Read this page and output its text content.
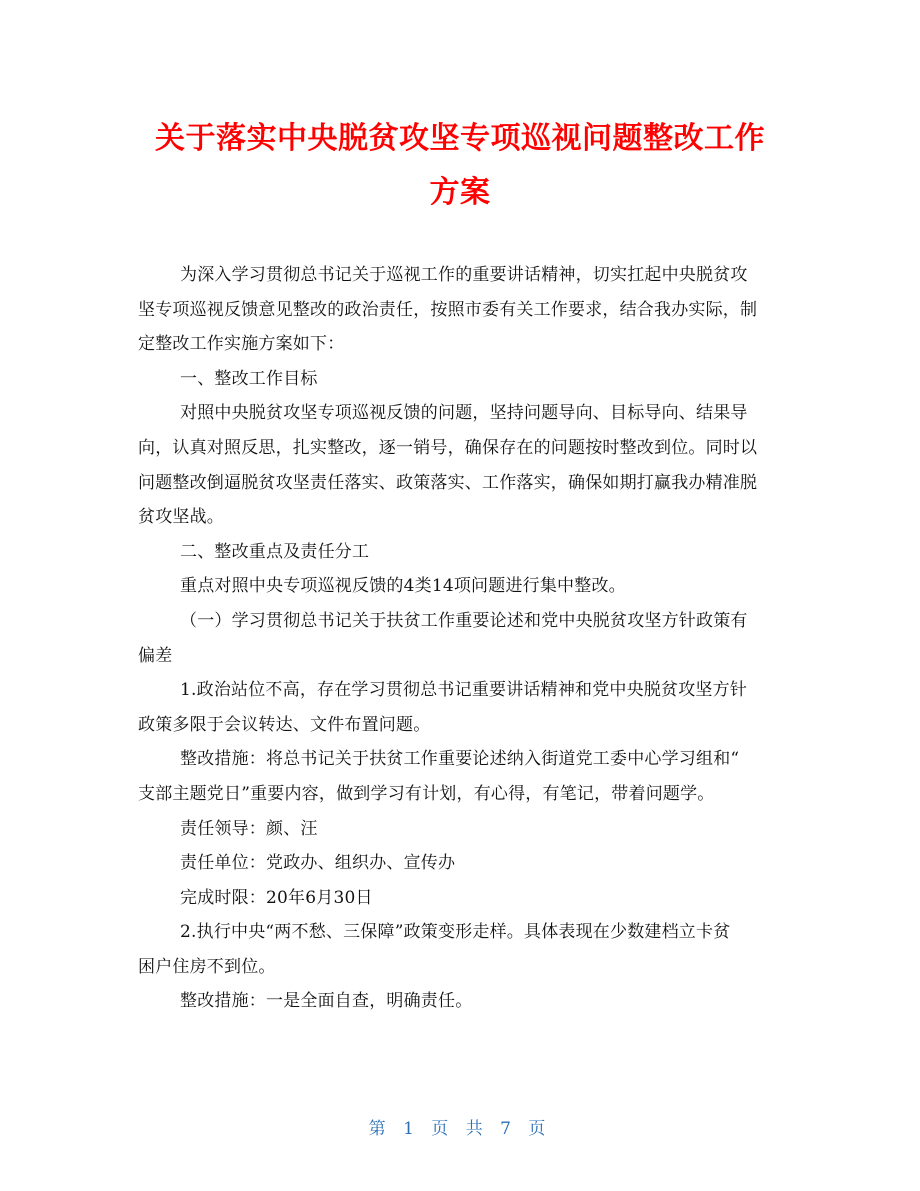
关于落实中央脱贫攻坚专项巡视问题整改工作
方案
为深入学习贯彻总书记关于巡视工作的重要讲话精神，切实扛起中央脱贫攻
坚专项巡视反馈意见整改的政治责任，按照市委有关工作要求，结合我办实际，制
定整改工作实施方案如下：
一、整改工作目标
对照中央脱贫攻坚专项巡视反馈的问题，坚持问题导向、目标导向、结果导
向，认真对照反思，扎实整改，逐一销号，确保存在的问题按时整改到位。同时以
问题整改倒逼脱贫攻坚责任落实、政策落实、工作落实，确保如期打赢我办精准脱
贫攻坚战。
二、整改重点及责任分工
重点对照中央专项巡视反馈的4类14项问题进行集中整改。
（一）学习贯彻总书记关于扶贫工作重要论述和党中央脱贫攻坚方针政策有
偏差
1.政治站位不高，存在学习贯彻总书记重要讲话精神和党中央脱贫攻坚方针
政策多限于会议转达、文件布置问题。
整改措施：将总书记关于扶贫工作重要论述纳入街道党工委中心学习组和“
支部主题党日”重要内容，做到学习有计划，有心得，有笔记，带着问题学。
责任领导：颜、汪
责任单位：党政办、组织办、宣传办
完成时限：20年6月30日
2.执行中央“两不愁、三保障”政策变形走样。具体表现在少数建档立卡贫
困户住房不到位。
整改措施：一是全面自查，明确责任。
第 1 页 共 7 页
